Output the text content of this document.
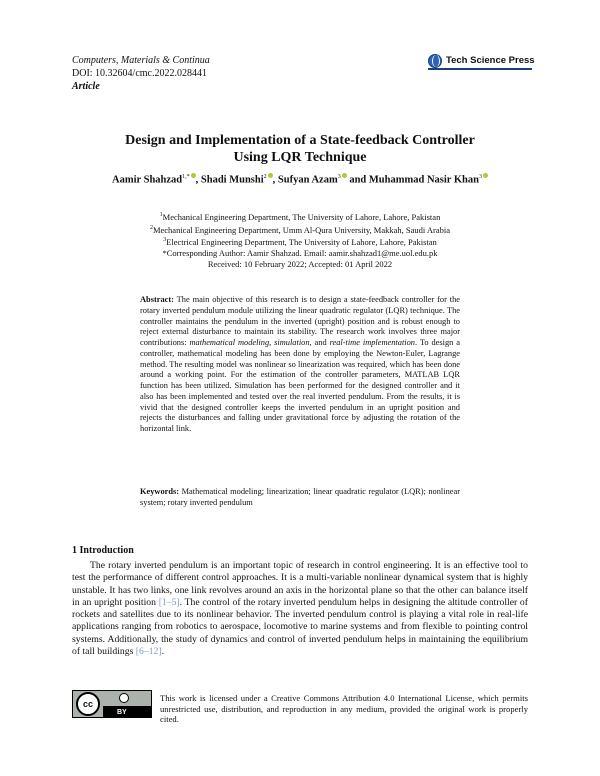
Computers, Materials & Continua
DOI: 10.32604/cmc.2022.028441
Article
Tech Science Press
Design and Implementation of a State-feedback Controller
Using LQR Technique
Aamir Shahzad$^{1,*}$ , Shadi Munshi$^2$ , Sufyan Azam$^3$ and Muhammad Nasir Khan$^3$
$^1$Mechanical Engineering Department, The University of Lahore, Lahore, Pakistan
$^2$Mechanical Engineering Department, Umm Al-Qura University, Makkah, Saudi Arabia
$^3$Electrical Engineering Department, The University of Lahore, Lahore, Pakistan
*Corresponding Author: Aamir Shahzad. Email: aamir.shahzad1@me.uol.edu.pk
Received: 10 February 2022; Accepted: 01 April 2022
Abstract: The main objective of this research is to design a state-feedback controller for the rotary inverted pendulum module utilizing the linear quadratic regulator (LQR) technique. The controller maintains the pendulum in the inverted (upright) position and is robust enough to reject external disturbance to maintain its stability. The research work involves three major contributions: mathematical modeling, simulation, and real-time implementation. To design a controller, mathematical modeling has been done by employing the Newton-Euler, Lagrange method. The resulting model was nonlinear so linearization was required, which has been done around a working point. For the estimation of the controller parameters, MATLAB LQR function has been utilized. Simulation has been performed for the designed controller and it also has been implemented and tested over the real inverted pendulum. From the results, it is vivid that the designed controller keeps the inverted pendulum in an upright position and rejects the disturbances and falling under gravitational force by adjusting the rotation of the horizontal link.
Keywords: Mathematical modeling; linearization; linear quadratic regulator (LQR); nonlinear system; rotary inverted pendulum
1 Introduction
The rotary inverted pendulum is an important topic of research in control engineering. It is an effective tool to test the performance of different control approaches. It is a multi-variable nonlinear dynamical system that is highly unstable. It has two links, one link revolves around an axis in the horizontal plane so that the other can balance itself in an upright position [1–5]. The control of the rotary inverted pendulum helps in designing the altitude controller of rockets and satellites due to its nonlinear behavior. The inverted pendulum control is playing a vital role in real-life applications ranging from robotics to aerospace, locomotive to marine systems and from flexible to pointing control systems. Additionally, the study of dynamics and control of inverted pendulum helps in maintaining the equilibrium of tall buildings [6–12].
cc
BY
This work is licensed under a Creative Commons Attribution 4.0 International License, which permits unrestricted use, distribution, and reproduction in any medium, provided the original work is properly cited.
